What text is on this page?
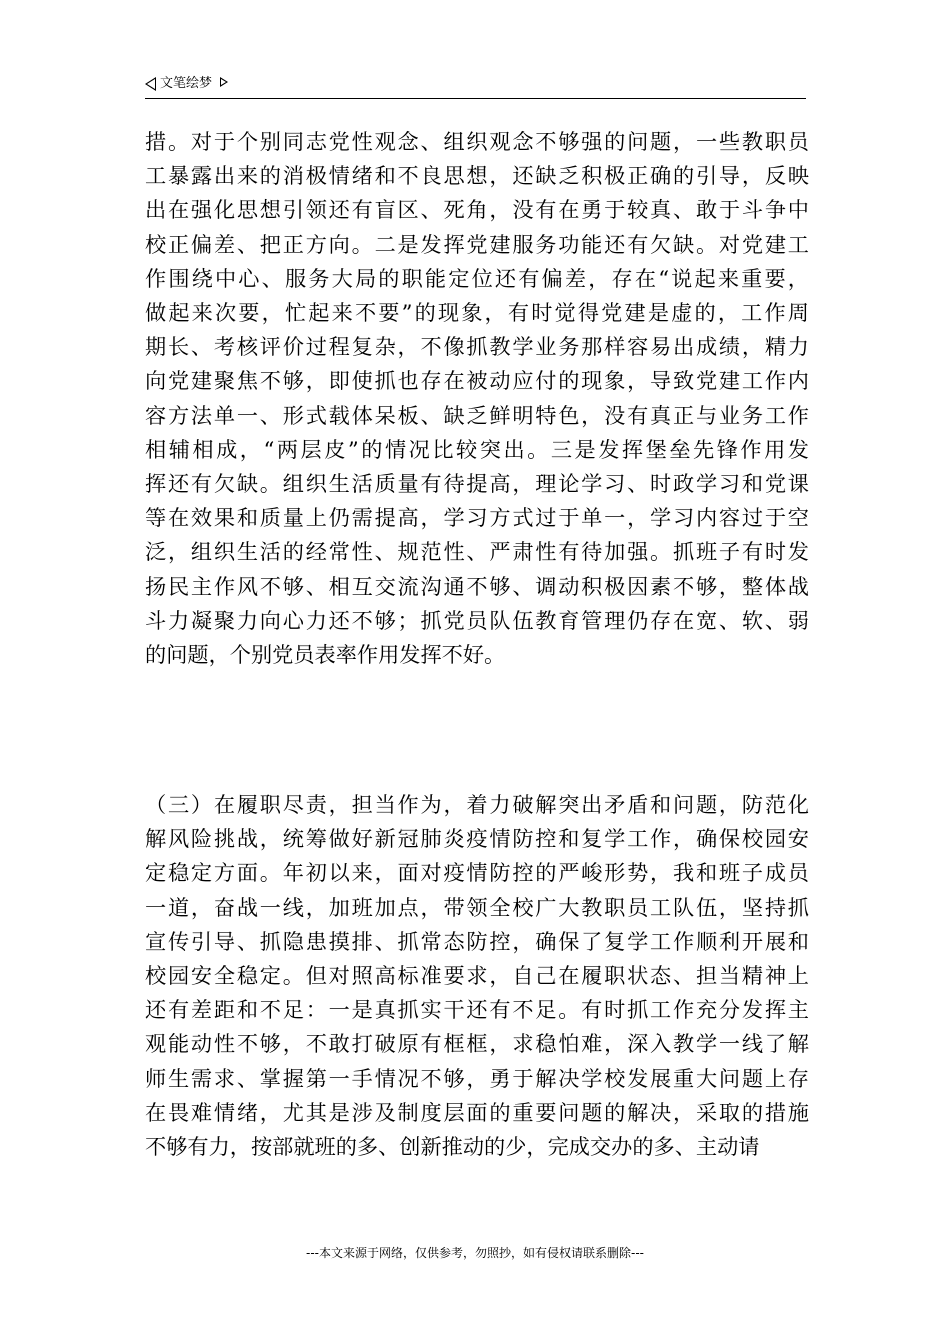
文笔绘梦
措。对于个别同志党性观念、组织观念不够强的问题，一些教职员
工暴露出来的消极情绪和不良思想，还缺乏积极正确的引导，反映
出在强化思想引领还有盲区、死角，没有在勇于较真、敢于斗争中
校正偏差、把正方向。二是发挥党建服务功能还有欠缺。对党建工
作围绕中心、服务大局的职能定位还有偏差，存在“说起来重要，
做起来次要，忙起来不要”的现象，有时觉得党建是虚的，工作周
期长、考核评价过程复杂，不像抓教学业务那样容易出成绩，精力
向党建聚焦不够，即使抓也存在被动应付的现象，导致党建工作内
容方法单一、形式载体呆板、缺乏鲜明特色，没有真正与业务工作
相辅相成，“两层皮”的情况比较突出。三是发挥堡垒先锋作用发
挥还有欠缺。组织生活质量有待提高，理论学习、时政学习和党课
等在效果和质量上仍需提高，学习方式过于单一，学习内容过于空
泛，组织生活的经常性、规范性、严肃性有待加强。抓班子有时发
扬民主作风不够、相互交流沟通不够、调动积极因素不够，整体战
斗力凝聚力向心力还不够；抓党员队伍教育管理仍存在宽、软、弱
的问题，个别党员表率作用发挥不好。
（三）在履职尽责，担当作为，着力破解突出矛盾和问题，防范化
解风险挑战，统筹做好新冠肺炎疫情防控和复学工作，确保校园安
定稳定方面。年初以来，面对疫情防控的严峻形势，我和班子成员
一道，奋战一线，加班加点，带领全校广大教职员工队伍，坚持抓
宣传引导、抓隐患摸排、抓常态防控，确保了复学工作顺利开展和
校园安全稳定。但对照高标准要求，自己在履职状态、担当精神上
还有差距和不足：一是真抓实干还有不足。有时抓工作充分发挥主
观能动性不够，不敢打破原有框框，求稳怕难，深入教学一线了解
师生需求、掌握第一手情况不够，勇于解决学校发展重大问题上存
在畏难情绪，尤其是涉及制度层面的重要问题的解决，采取的措施
不够有力，按部就班的多、创新推动的少，完成交办的多、主动请
---本文来源于网络，仅供参考，勿照抄，如有侵权请联系删除---
